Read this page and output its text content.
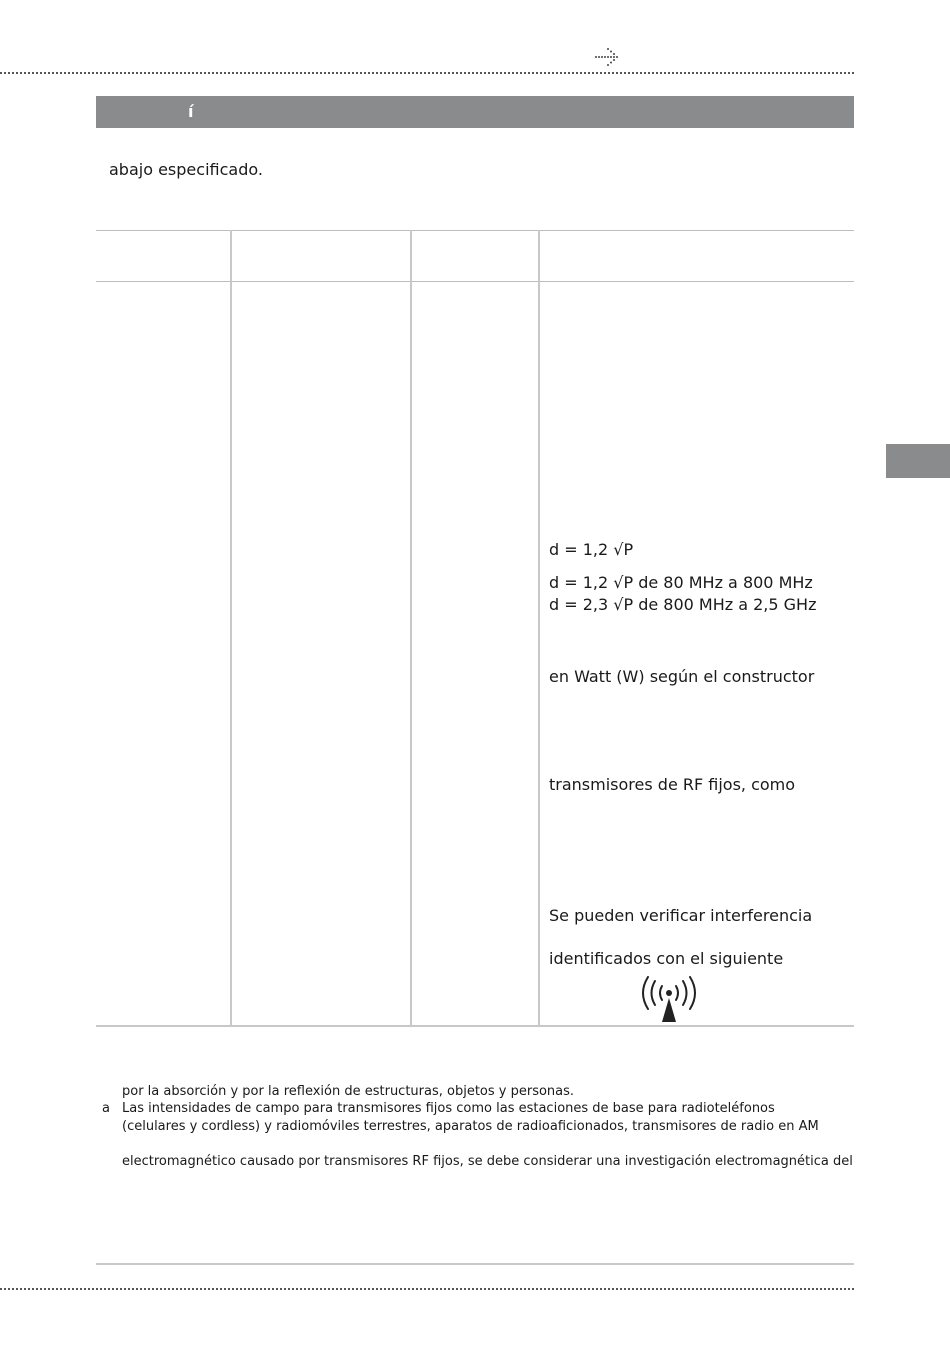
í
abajo especificado.
d = 1,2 √P
d = 1,2 √P de 80 MHz a 800 MHz
d = 2,3 √P de 800 MHz a 2,5 GHz
en Watt (W) según el constructor
transmisores de RF fijos, como
Se pueden verificar interferencia
identificados con el siguiente
por la absorción y por la reflexión de estructuras, objetos y personas.
a Las intensidades de campo para transmisores fijos como las estaciones de base para radioteléfonos
(celulares y cordless) y radiomóviles terrestres, aparatos de radioaficionados, transmisores de radio en AM
electromagnético causado por transmisores RF fijos, se debe considerar una investigación electromagnética del
